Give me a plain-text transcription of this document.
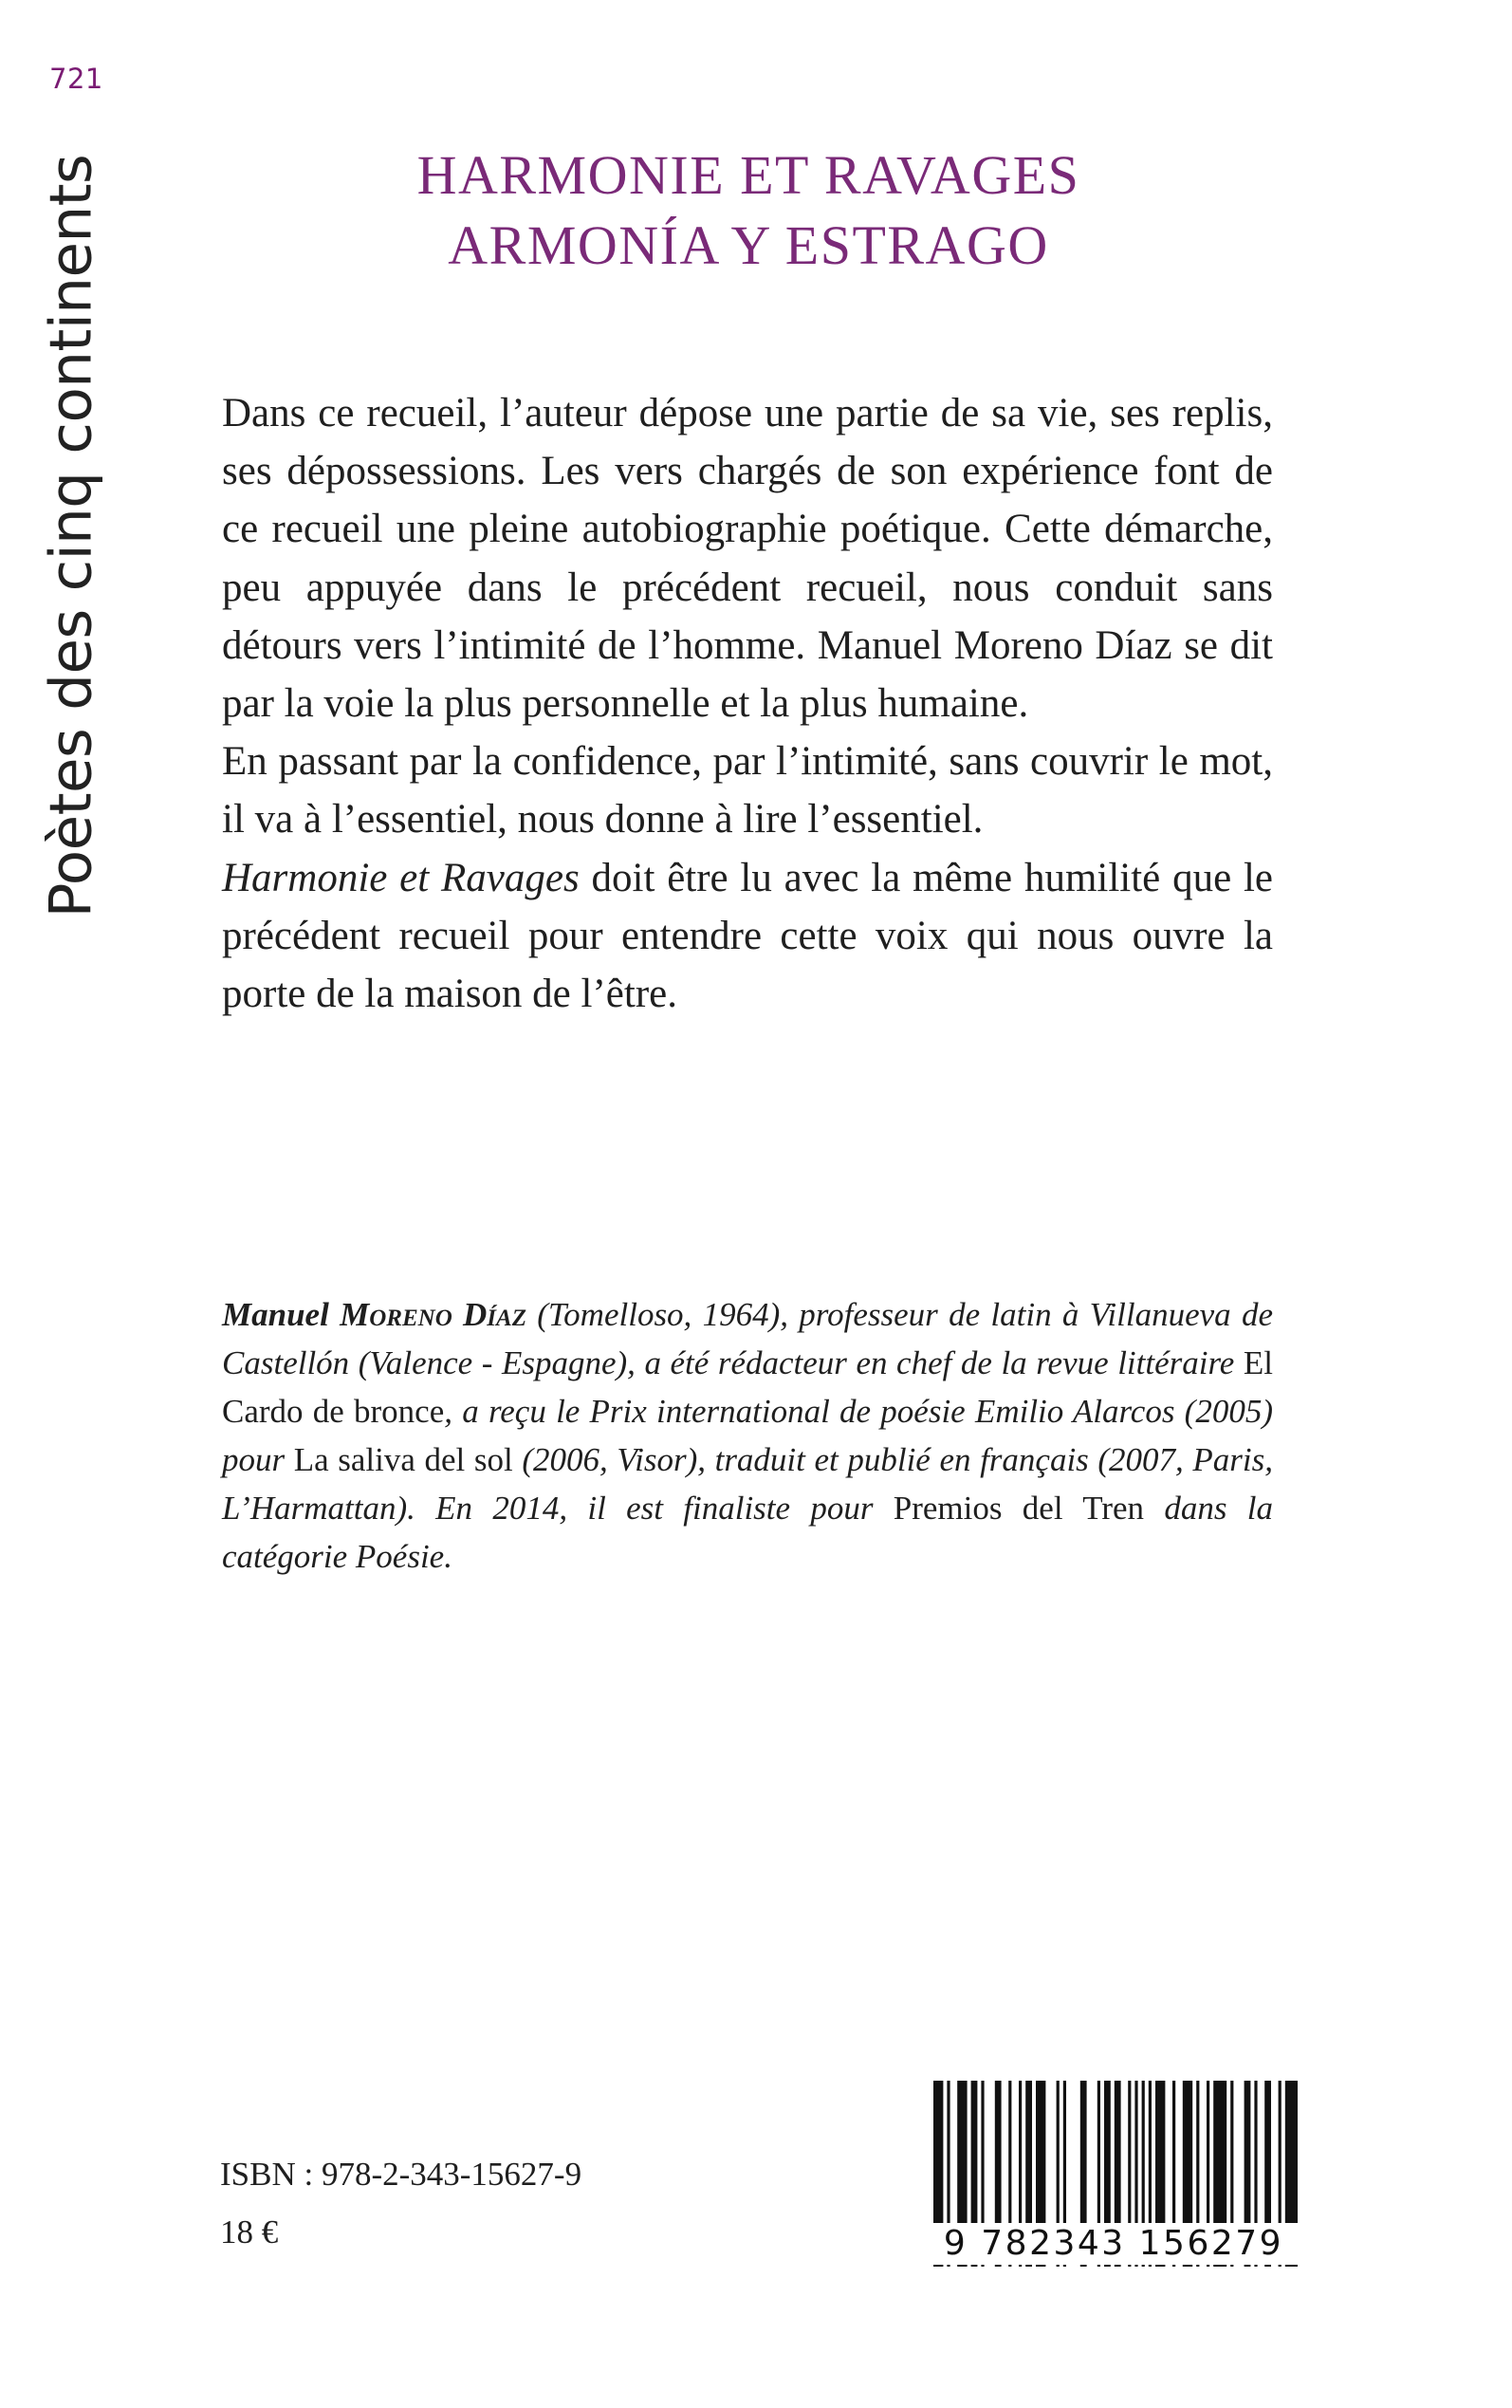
721
Poètes des cinq continents	HARMONIE ET RAVAGES
ARMONÍA Y ESTRAGO

Dans ce recueil, l’auteur dépose une partie de sa vie, ses replis, ses dépossessions. Les vers chargés de son expérience font de ce recueil une pleine autobiographie poétique. Cette démarche, peu appuyée dans le précédent recueil, nous conduit sans détours vers l’intimité de l’homme. Manuel Moreno Díaz se dit par la voie la plus personnelle et la plus humaine.

En passant par la confidence, par l’intimité, sans couvrir le mot, il va à l’essentiel, nous donne à lire l’essentiel.

Harmonie et Ravages doit être lu avec la même humilité que le précédent recueil pour entendre cette voix qui nous ouvre la porte de la maison de l’être.

Manuel Moreno Díaz (Tomelloso, 1964), professeur de latin à Villanueva de Castellón (Valence - Espagne), a été rédacteur en chef de la revue littéraire El Cardo de bronce, a reçu le Prix international de poésie Emilio Alarcos (2005) pour La saliva del sol (2006, Visor), traduit et publié en français (2007, Paris, L’Harmattan). En 2014, il est finaliste pour Premios del Tren dans la catégorie Poésie.
ISBN : 978-2-343-15627-9
18 €	9 782343 156279
